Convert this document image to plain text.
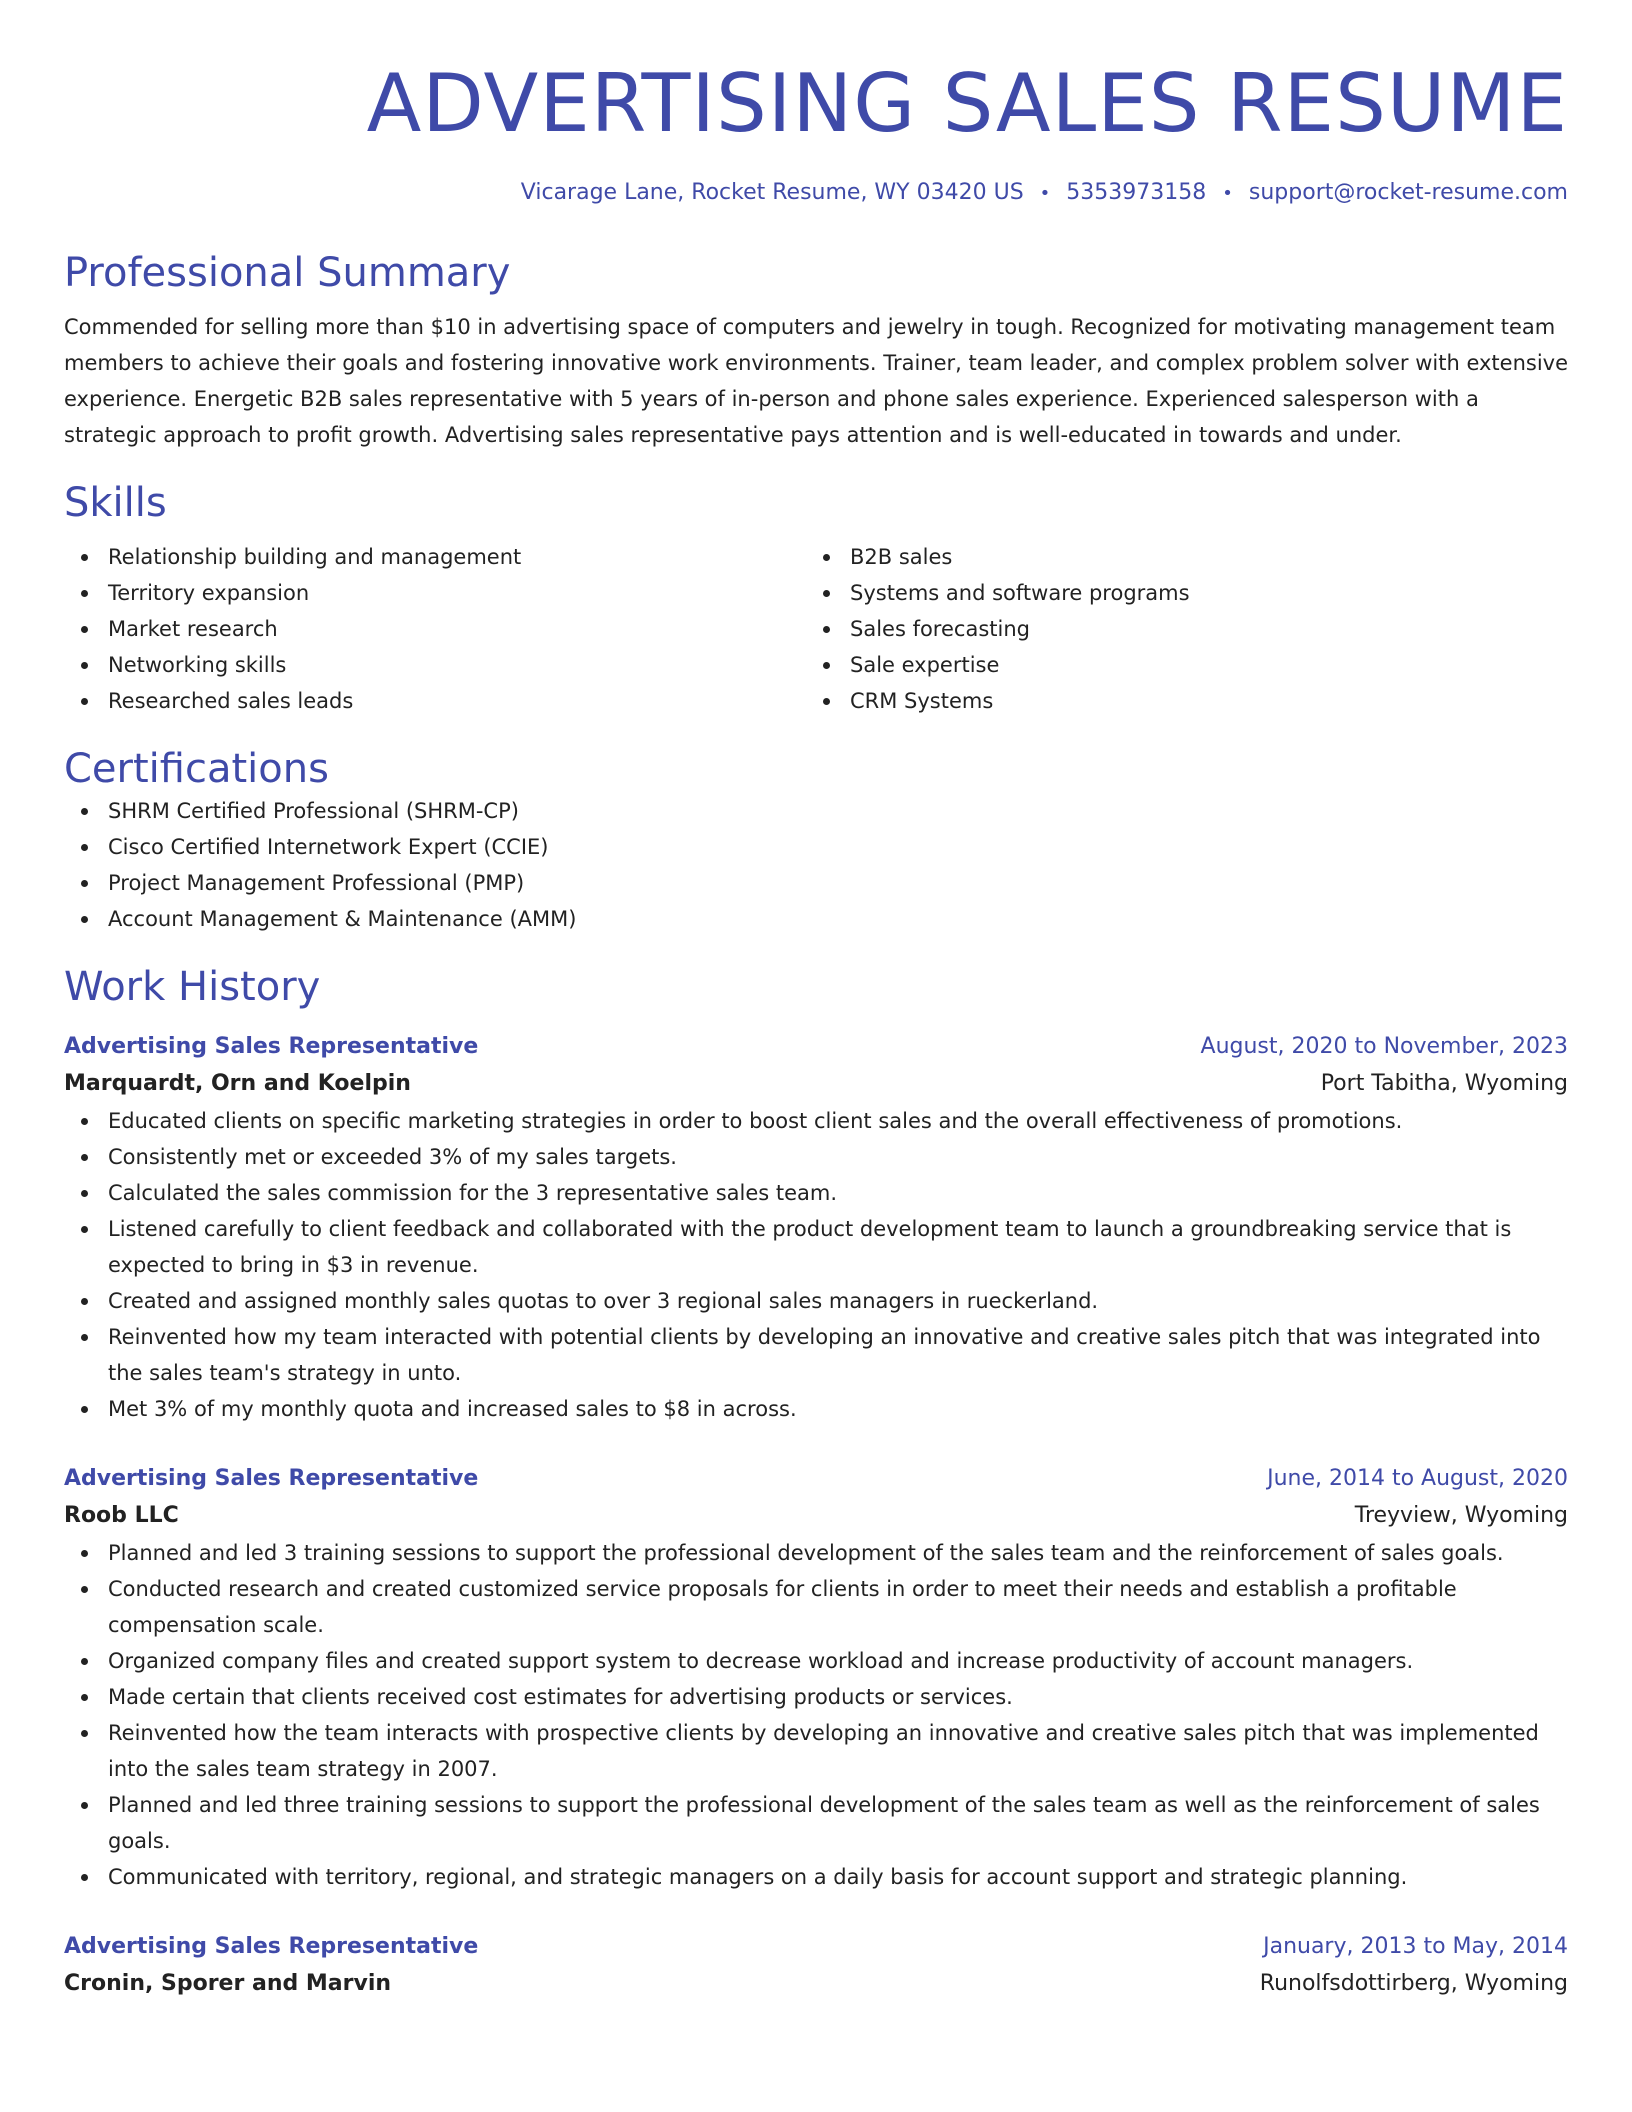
ADVERTISING SALES RESUME
Vicarage Lane, Rocket Resume, WY 03420 US • 5353973158 • support@rocket-resume.com
Professional Summary

Commended for selling more than $10 in advertising space of computers and jewelry in tough. Recognized for motivating management team members to achieve their goals and fostering innovative work environments. Trainer, team leader, and complex problem solver with extensive experience. Energetic B2B sales representative with 5 years of in-person and phone sales experience. Experienced salesperson with a strategic approach to profit growth. Advertising sales representative pays attention and is well-educated in towards and under.

Skills
Relationship building and management
Territory expansion
Market research
Networking skills
Researched sales leads
B2B sales
Systems and software programs
Sales forecasting
Sale expertise
CRM Systems
Certifications
SHRM Certified Professional (SHRM-CP)
Cisco Certified Internetwork Expert (CCIE)
Project Management Professional (PMP)
Account Management & Maintenance (AMM)
Work History
Advertising Sales Representative	August, 2020 to November, 2023
Marquardt, Orn and Koelpin	Port Tabitha, Wyoming
Educated clients on specific marketing strategies in order to boost client sales and the overall effectiveness of promotions.
Consistently met or exceeded 3% of my sales targets.
Calculated the sales commission for the 3 representative sales team.
Listened carefully to client feedback and collaborated with the product development team to launch a groundbreaking service that is expected to bring in $3 in revenue.
Created and assigned monthly sales quotas to over 3 regional sales managers in rueckerland.
Reinvented how my team interacted with potential clients by developing an innovative and creative sales pitch that was integrated into the sales team's strategy in unto.
Met 3% of my monthly quota and increased sales to $8 in across.
Advertising Sales Representative	June, 2014 to August, 2020
Roob LLC	Treyview, Wyoming
Planned and led 3 training sessions to support the professional development of the sales team and the reinforcement of sales goals.
Conducted research and created customized service proposals for clients in order to meet their needs and establish a profitable compensation scale.
Organized company files and created support system to decrease workload and increase productivity of account managers.
Made certain that clients received cost estimates for advertising products or services.
Reinvented how the team interacts with prospective clients by developing an innovative and creative sales pitch that was implemented into the sales team strategy in 2007.
Planned and led three training sessions to support the professional development of the sales team as well as the reinforcement of sales goals.
Communicated with territory, regional, and strategic managers on a daily basis for account support and strategic planning.
Advertising Sales Representative	January, 2013 to May, 2014
Cronin, Sporer and Marvin	Runolfsdottirberg, Wyoming
